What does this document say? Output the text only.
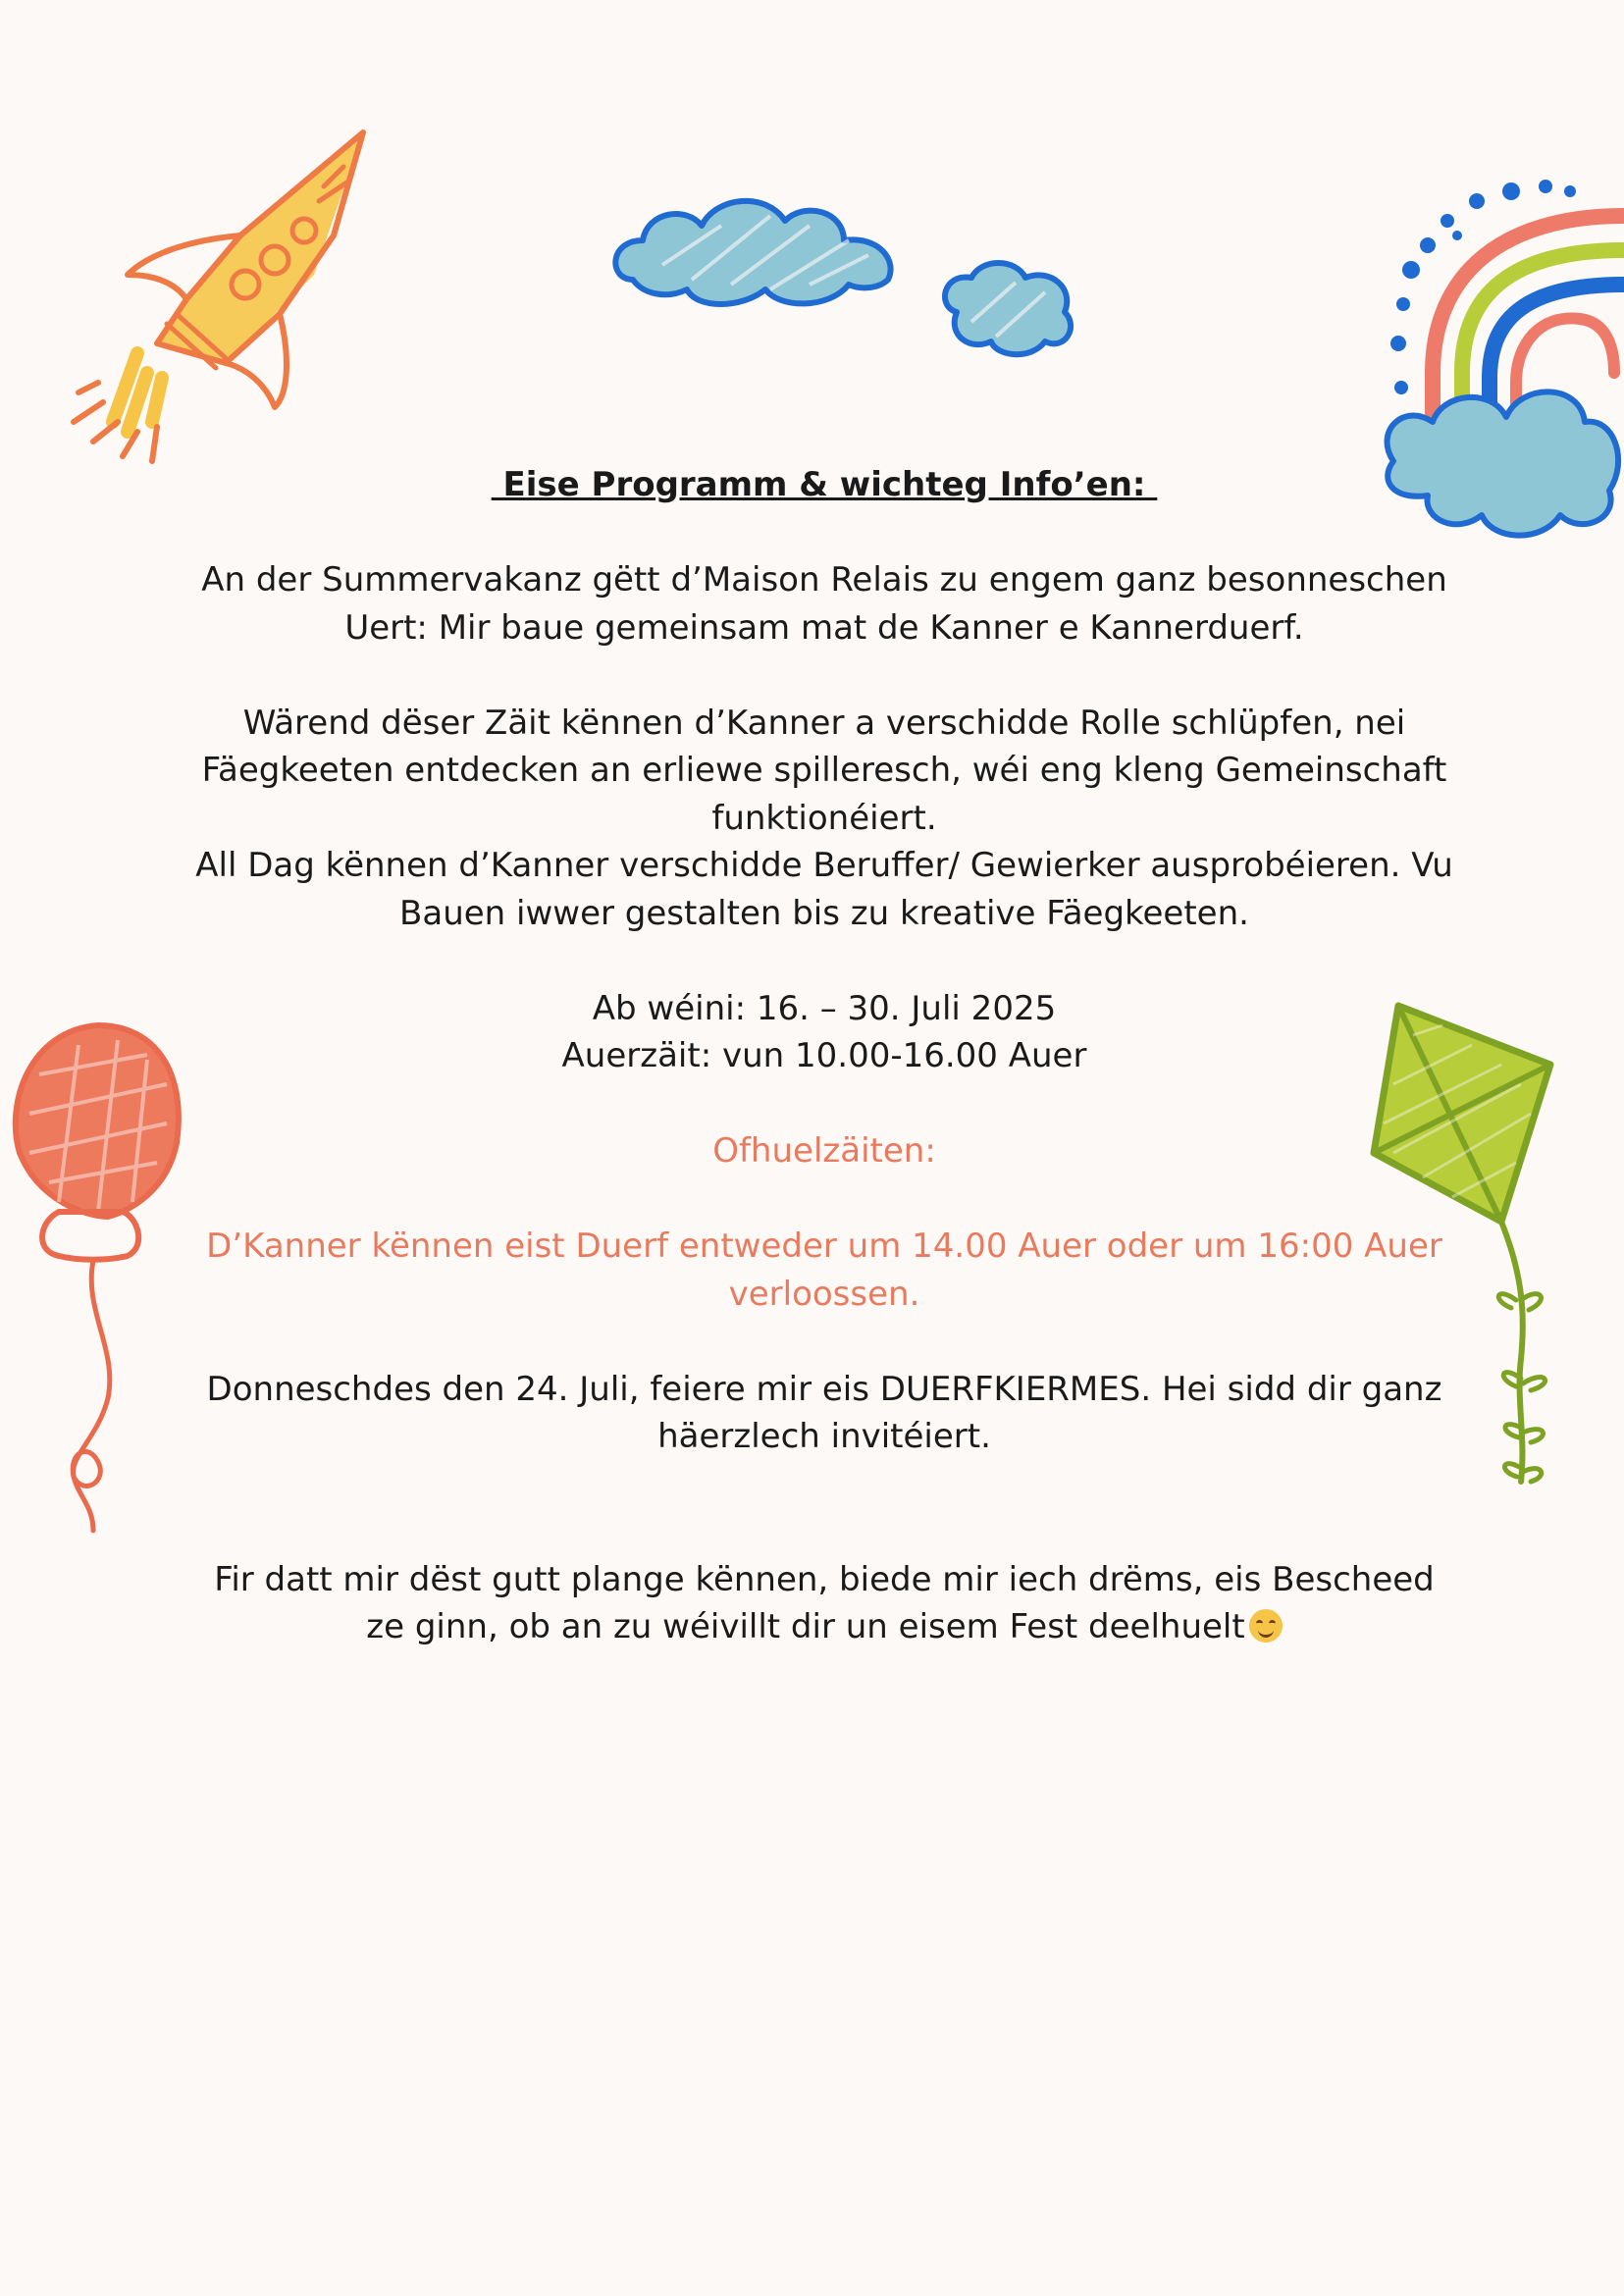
Eise Programm & wichteg Info’en:

An der Summervakanz gëtt d’Maison Relais zu engem ganz besonneschen

Uert: Mir baue gemeinsam mat de Kanner e Kannerduerf.

Wärend dëser Zäit kënnen d’Kanner a verschidde Rolle schlüpfen, nei

Fäegkeeten entdecken an erliewe spilleresch, wéi eng kleng Gemeinschaft

funktionéiert.

All Dag kënnen d’Kanner verschidde Beruffer/ Gewierker ausprobéieren. Vu

Bauen iwwer gestalten bis zu kreative Fäegkeeten.

Ab wéini: 16. – 30. Juli 2025

Auerzäit: vun 10.00-16.00 Auer

Ofhuelzäiten:

D’Kanner kënnen eist Duerf entweder um 14.00 Auer oder um 16:00 Auer

verloossen.

Donneschdes den 24. Juli, feiere mir eis DUERFKIERMES. Hei sidd dir ganz

häerzlech invitéiert.

Fir datt mir dëst gutt plange kënnen, biede mir iech drëms, eis Bescheed

ze ginn, ob an zu wéivillt dir un eisem Fest deelhuelt
